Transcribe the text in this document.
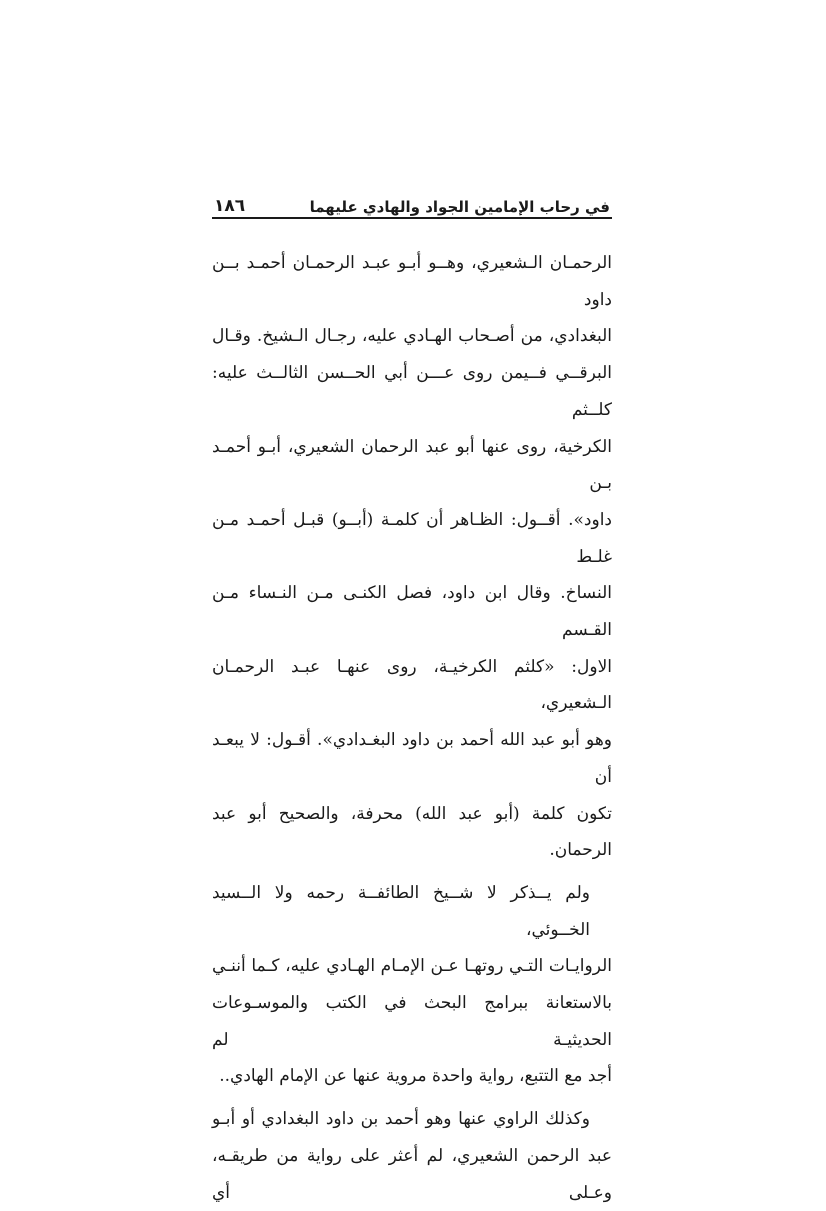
في رحاب الإمامين الجواد والهادي ﻋﻠﻴﻬﻤﺎ
١٨٦

الرحمـان الـشعيري، وهــو أبـو عبـد الرحمـان أحمـد بــن داود
البغدادي، من أصـحاب الهـادي ﻋﻠﻴﻪ، رجـال الـشيخ. وقـال
البرقــي فــيمن روى عـــن أبي الحــسن الثالــث ﻋﻠﻴﻪ: كلــثم
الكرخية، روى عنها أبو عبد الرحمان الشعيري، أبـو أحمـد بـن
داود». أقــول: الظـاهر أن كلمـة (أبــو) قبـل أحمـد مـن غلـط
النساخ. وقال ابن داود، فصل الكنـى مـن النـساء مـن القـسم
الاول: «كلثم الكرخيـة، روى عنهـا عبـد الرحمـان الـشعيري،
وهو أبو عبد الله أحمد بن داود البغـدادي». أقـول: لا يبعـد أن
تكون كلمة (أبو عبد الله) محرفة، والصحيح أبو عبد الرحمان.

ولم يــذكر لا شــيخ الطائفــة ﺭﺣﻤﻪ ولا الــسيد الخــوئي،
الروايـات التـي روتهـا عـن الإمـام الهـادي ﻋﻠﻴﻪ، كـما أننـي
بالاستعانة ببرامج البحث في الكتب والموسـوعات الحديثيـة لم
أجد مع التتبع، رواية واحدة مروية عنها عن الإمام الهادي..

وكذلك الراوي عنها وهو أحمد بن داود البغدادي أو أبـو
عبد الرحمن الشعيري، لم أعثر على رواية من طريقـه، وعـلى أي
